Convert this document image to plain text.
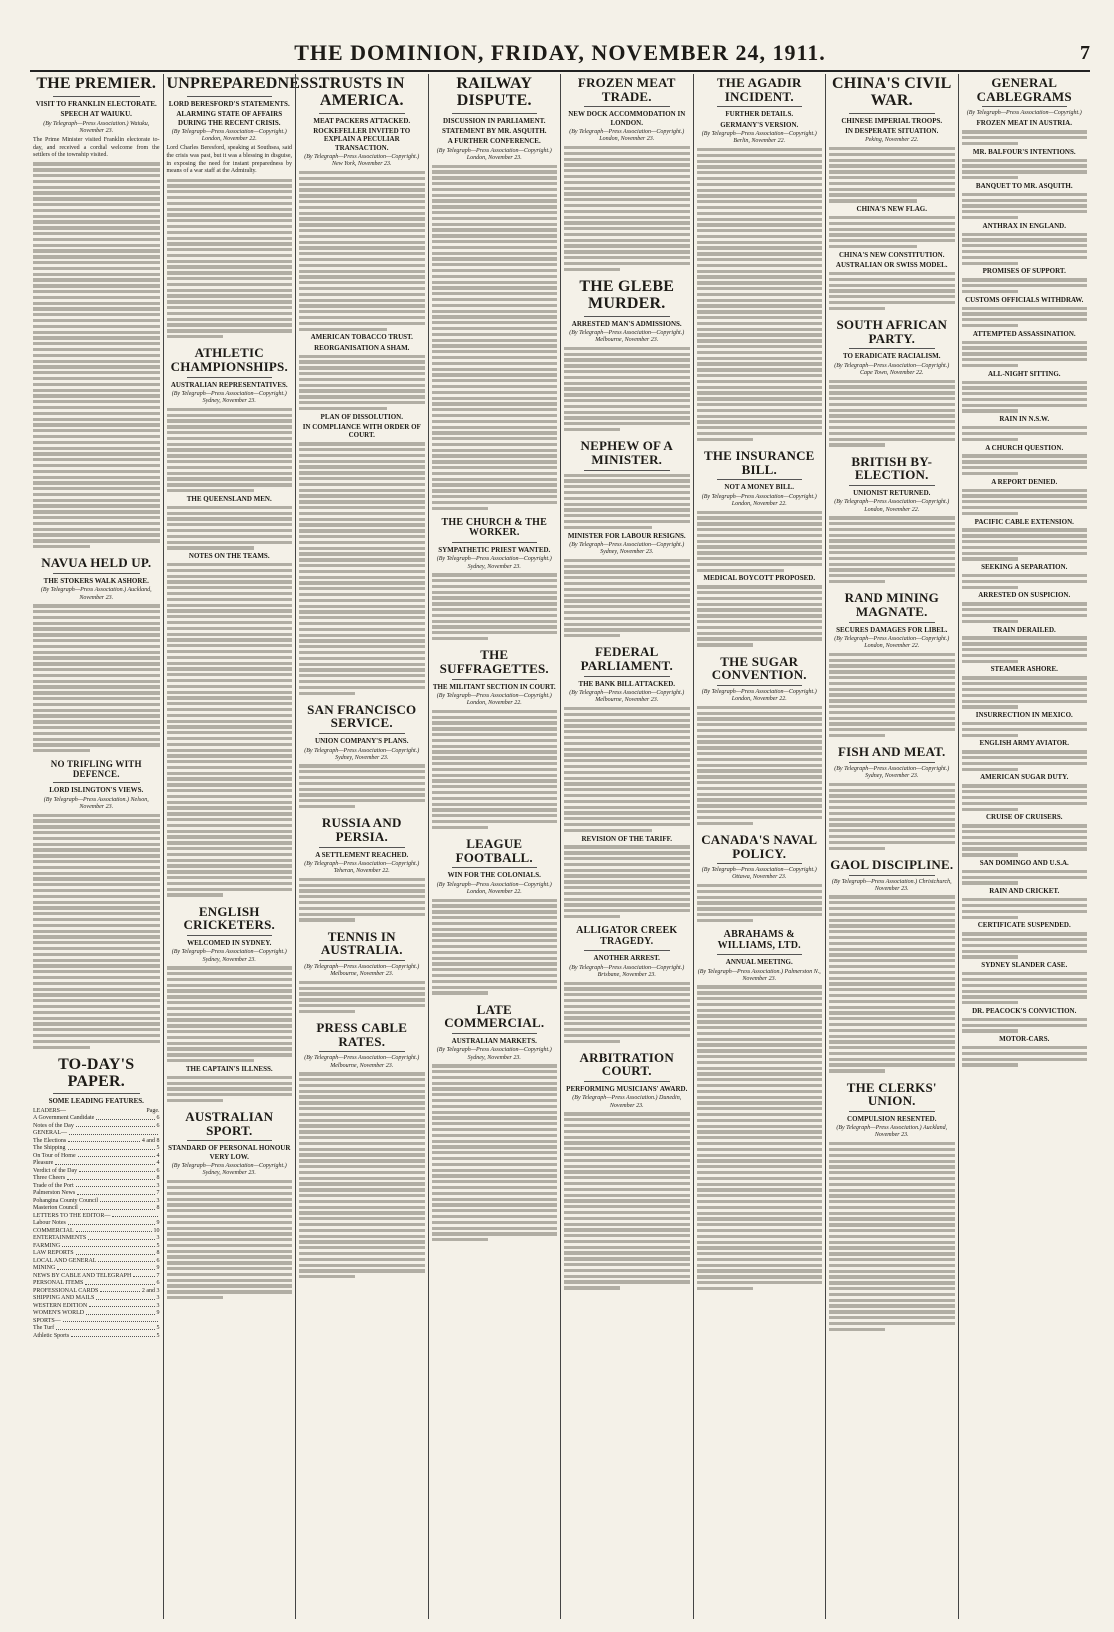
THE DOMINION, FRIDAY, NOVEMBER 24, 1911.	7
THE PREMIER.
VISIT TO FRANKLIN ELECTORATE.
SPEECH AT WAIUKU.
(By Telegraph—Press Association.) Waiuku, November 23.
The Prime Minister visited Franklin electorate to-day, and received a cordial welcome from the settlers of the township visited.
NAVUA HELD UP.
THE STOKERS WALK ASHORE.
(By Telegraph—Press Association.) Auckland, November 23.
NO TRIFLING WITH DEFENCE.
LORD ISLINGTON'S VIEWS.
(By Telegraph—Press Association.) Nelson, November 23.
TO-DAY'S PAPER.
SOME LEADING FEATURES.
LEADERS—	Page.
A Government Candidate	6
Notes of the Day	6
GENERAL—
The Elections	4 and 8
The Shipping	5
On Tour of Home	4
Pleasure	4
Verdict of the Day	6
Three Cheers	8
Trade of the Port	3
Palmerston News	7
Pohangina County Council	3
Masterton Council	8
LETTERS TO THE EDITOR—
Labour Notes	9
COMMERCIAL	10
ENTERTAINMENTS	3
FARMING	5
LAW REPORTS	8
LOCAL AND GENERAL	6
MINING	9
NEWS BY CABLE AND TELEGRAPH	7
PERSONAL ITEMS	6
PROFESSIONAL CARDS	2 and 3
SHIPPING AND MAILS	3
WESTERN EDITION	3
WOMEN'S WORLD	9
SPORTS—
The Turf	5
Athletic Sports	5
UNPREPAREDNESS.
LORD BERESFORD'S STATEMENTS.
ALARMING STATE OF AFFAIRS DURING THE RECENT CRISIS.
(By Telegraph—Press Association—Copyright.) London, November 22.
Lord Charles Beresford, speaking at Southsea, said the crisis was past, but it was a blessing in disguise, in exposing the need for instant preparedness by means of a war staff at the Admiralty.
ATHLETIC CHAMPIONSHIPS.
AUSTRALIAN REPRESENTATIVES.
(By Telegraph—Press Association—Copyright.) Sydney, November 23.
THE QUEENSLAND MEN.
NOTES ON THE TEAMS.
ENGLISH CRICKETERS.
WELCOMED IN SYDNEY.
(By Telegraph—Press Association—Copyright.) Sydney, November 23.
THE CAPTAIN'S ILLNESS.
AUSTRALIAN SPORT.
STANDARD OF PERSONAL HONOUR VERY LOW.
(By Telegraph—Press Association—Copyright.) Sydney, November 23.
TRUSTS IN AMERICA.
MEAT PACKERS ATTACKED.
ROCKEFELLER INVITED TO EXPLAIN A PECULIAR TRANSACTION.
(By Telegraph—Press Association—Copyright.) New York, November 23.
AMERICAN TOBACCO TRUST.
REORGANISATION A SHAM.
PLAN OF DISSOLUTION.
IN COMPLIANCE WITH ORDER OF COURT.
SAN FRANCISCO SERVICE.
UNION COMPANY'S PLANS.
(By Telegraph—Press Association—Copyright.) Sydney, November 23.
RUSSIA AND PERSIA.
A SETTLEMENT REACHED.
(By Telegraph—Press Association—Copyright.) Teheran, November 22.
TENNIS IN AUSTRALIA.
(By Telegraph—Press Association—Copyright.) Melbourne, November 23.
PRESS CABLE RATES.
(By Telegraph—Press Association—Copyright.) Melbourne, November 23.
RAILWAY DISPUTE.
DISCUSSION IN PARLIAMENT.
STATEMENT BY MR. ASQUITH.
A FURTHER CONFERENCE.
(By Telegraph—Press Association—Copyright.) London, November 23.
THE CHURCH & THE WORKER.
SYMPATHETIC PRIEST WANTED.
(By Telegraph—Press Association—Copyright.) Sydney, November 23.
THE SUFFRAGETTES.
THE MILITANT SECTION IN COURT.
(By Telegraph—Press Association—Copyright.) London, November 22.
LEAGUE FOOTBALL.
WIN FOR THE COLONIALS.
(By Telegraph—Press Association—Copyright.) London, November 22.
LATE COMMERCIAL.
AUSTRALIAN MARKETS.
(By Telegraph—Press Association—Copyright.) Sydney, November 23.
FROZEN MEAT TRADE.
NEW DOCK ACCOMMODATION IN LONDON.
(By Telegraph—Press Association—Copyright.) London, November 23.
THE GLEBE MURDER.
ARRESTED MAN'S ADMISSIONS.
(By Telegraph—Press Association—Copyright.) Melbourne, November 23.
NEPHEW OF A MINISTER.
MINISTER FOR LABOUR RESIGNS.
(By Telegraph—Press Association—Copyright.) Sydney, November 23.
FEDERAL PARLIAMENT.
THE BANK BILL ATTACKED.
(By Telegraph—Press Association—Copyright.) Melbourne, November 23.
REVISION OF THE TARIFF.
ALLIGATOR CREEK TRAGEDY.
ANOTHER ARREST.
(By Telegraph—Press Association—Copyright.) Brisbane, November 23.
ARBITRATION COURT.
PERFORMING MUSICIANS' AWARD.
(By Telegraph—Press Association.) Dunedin, November 23.
THE AGADIR INCIDENT.
FURTHER DETAILS.
GERMANY'S VERSION.
(By Telegraph—Press Association—Copyright.) Berlin, November 22.
THE INSURANCE BILL.
NOT A MONEY BILL.
(By Telegraph—Press Association—Copyright.) London, November 22.
MEDICAL BOYCOTT PROPOSED.
THE SUGAR CONVENTION.
(By Telegraph—Press Association—Copyright.) London, November 22.
CANADA'S NAVAL POLICY.
(By Telegraph—Press Association—Copyright.) Ottawa, November 23.
ABRAHAMS & WILLIAMS, LTD.
ANNUAL MEETING.
(By Telegraph—Press Association.) Palmerston N., November 23.
CHINA'S CIVIL WAR.
CHINESE IMPERIAL TROOPS.
IN DESPERATE SITUATION.
Peking, November 22.
CHINA'S NEW FLAG.
CHINA'S NEW CONSTITUTION.
AUSTRALIAN OR SWISS MODEL.
SOUTH AFRICAN PARTY.
TO ERADICATE RACIALISM.
(By Telegraph—Press Association—Copyright.) Cape Town, November 22.
BRITISH BY-ELECTION.
UNIONIST RETURNED.
(By Telegraph—Press Association—Copyright.) London, November 22.
RAND MINING MAGNATE.
SECURES DAMAGES FOR LIBEL.
(By Telegraph—Press Association—Copyright.) London, November 22.
FISH AND MEAT.
(By Telegraph—Press Association—Copyright.) Sydney, November 23.
GAOL DISCIPLINE.
(By Telegraph—Press Association.) Christchurch, November 23.
THE CLERKS' UNION.
COMPULSION RESENTED.
(By Telegraph—Press Association.) Auckland, November 23.
GENERAL CABLEGRAMS
(By Telegraph—Press Association—Copyright.)
FROZEN MEAT IN AUSTRIA.
MR. BALFOUR'S INTENTIONS.
BANQUET TO MR. ASQUITH.
ANTHRAX IN ENGLAND.
PROMISES OF SUPPORT.
CUSTOMS OFFICIALS WITHDRAW.
ATTEMPTED ASSASSINATION.
ALL-NIGHT SITTING.
RAIN IN N.S.W.
A CHURCH QUESTION.
A REPORT DENIED.
PACIFIC CABLE EXTENSION.
SEEKING A SEPARATION.
ARRESTED ON SUSPICION.
TRAIN DERAILED.
STEAMER ASHORE.
INSURRECTION IN MEXICO.
ENGLISH ARMY AVIATOR.
AMERICAN SUGAR DUTY.
CRUISE OF CRUISERS.
SAN DOMINGO AND U.S.A.
RAIN AND CRICKET.
CERTIFICATE SUSPENDED.
SYDNEY SLANDER CASE.
DR. PEACOCK'S CONVICTION.
MOTOR-CARS.
